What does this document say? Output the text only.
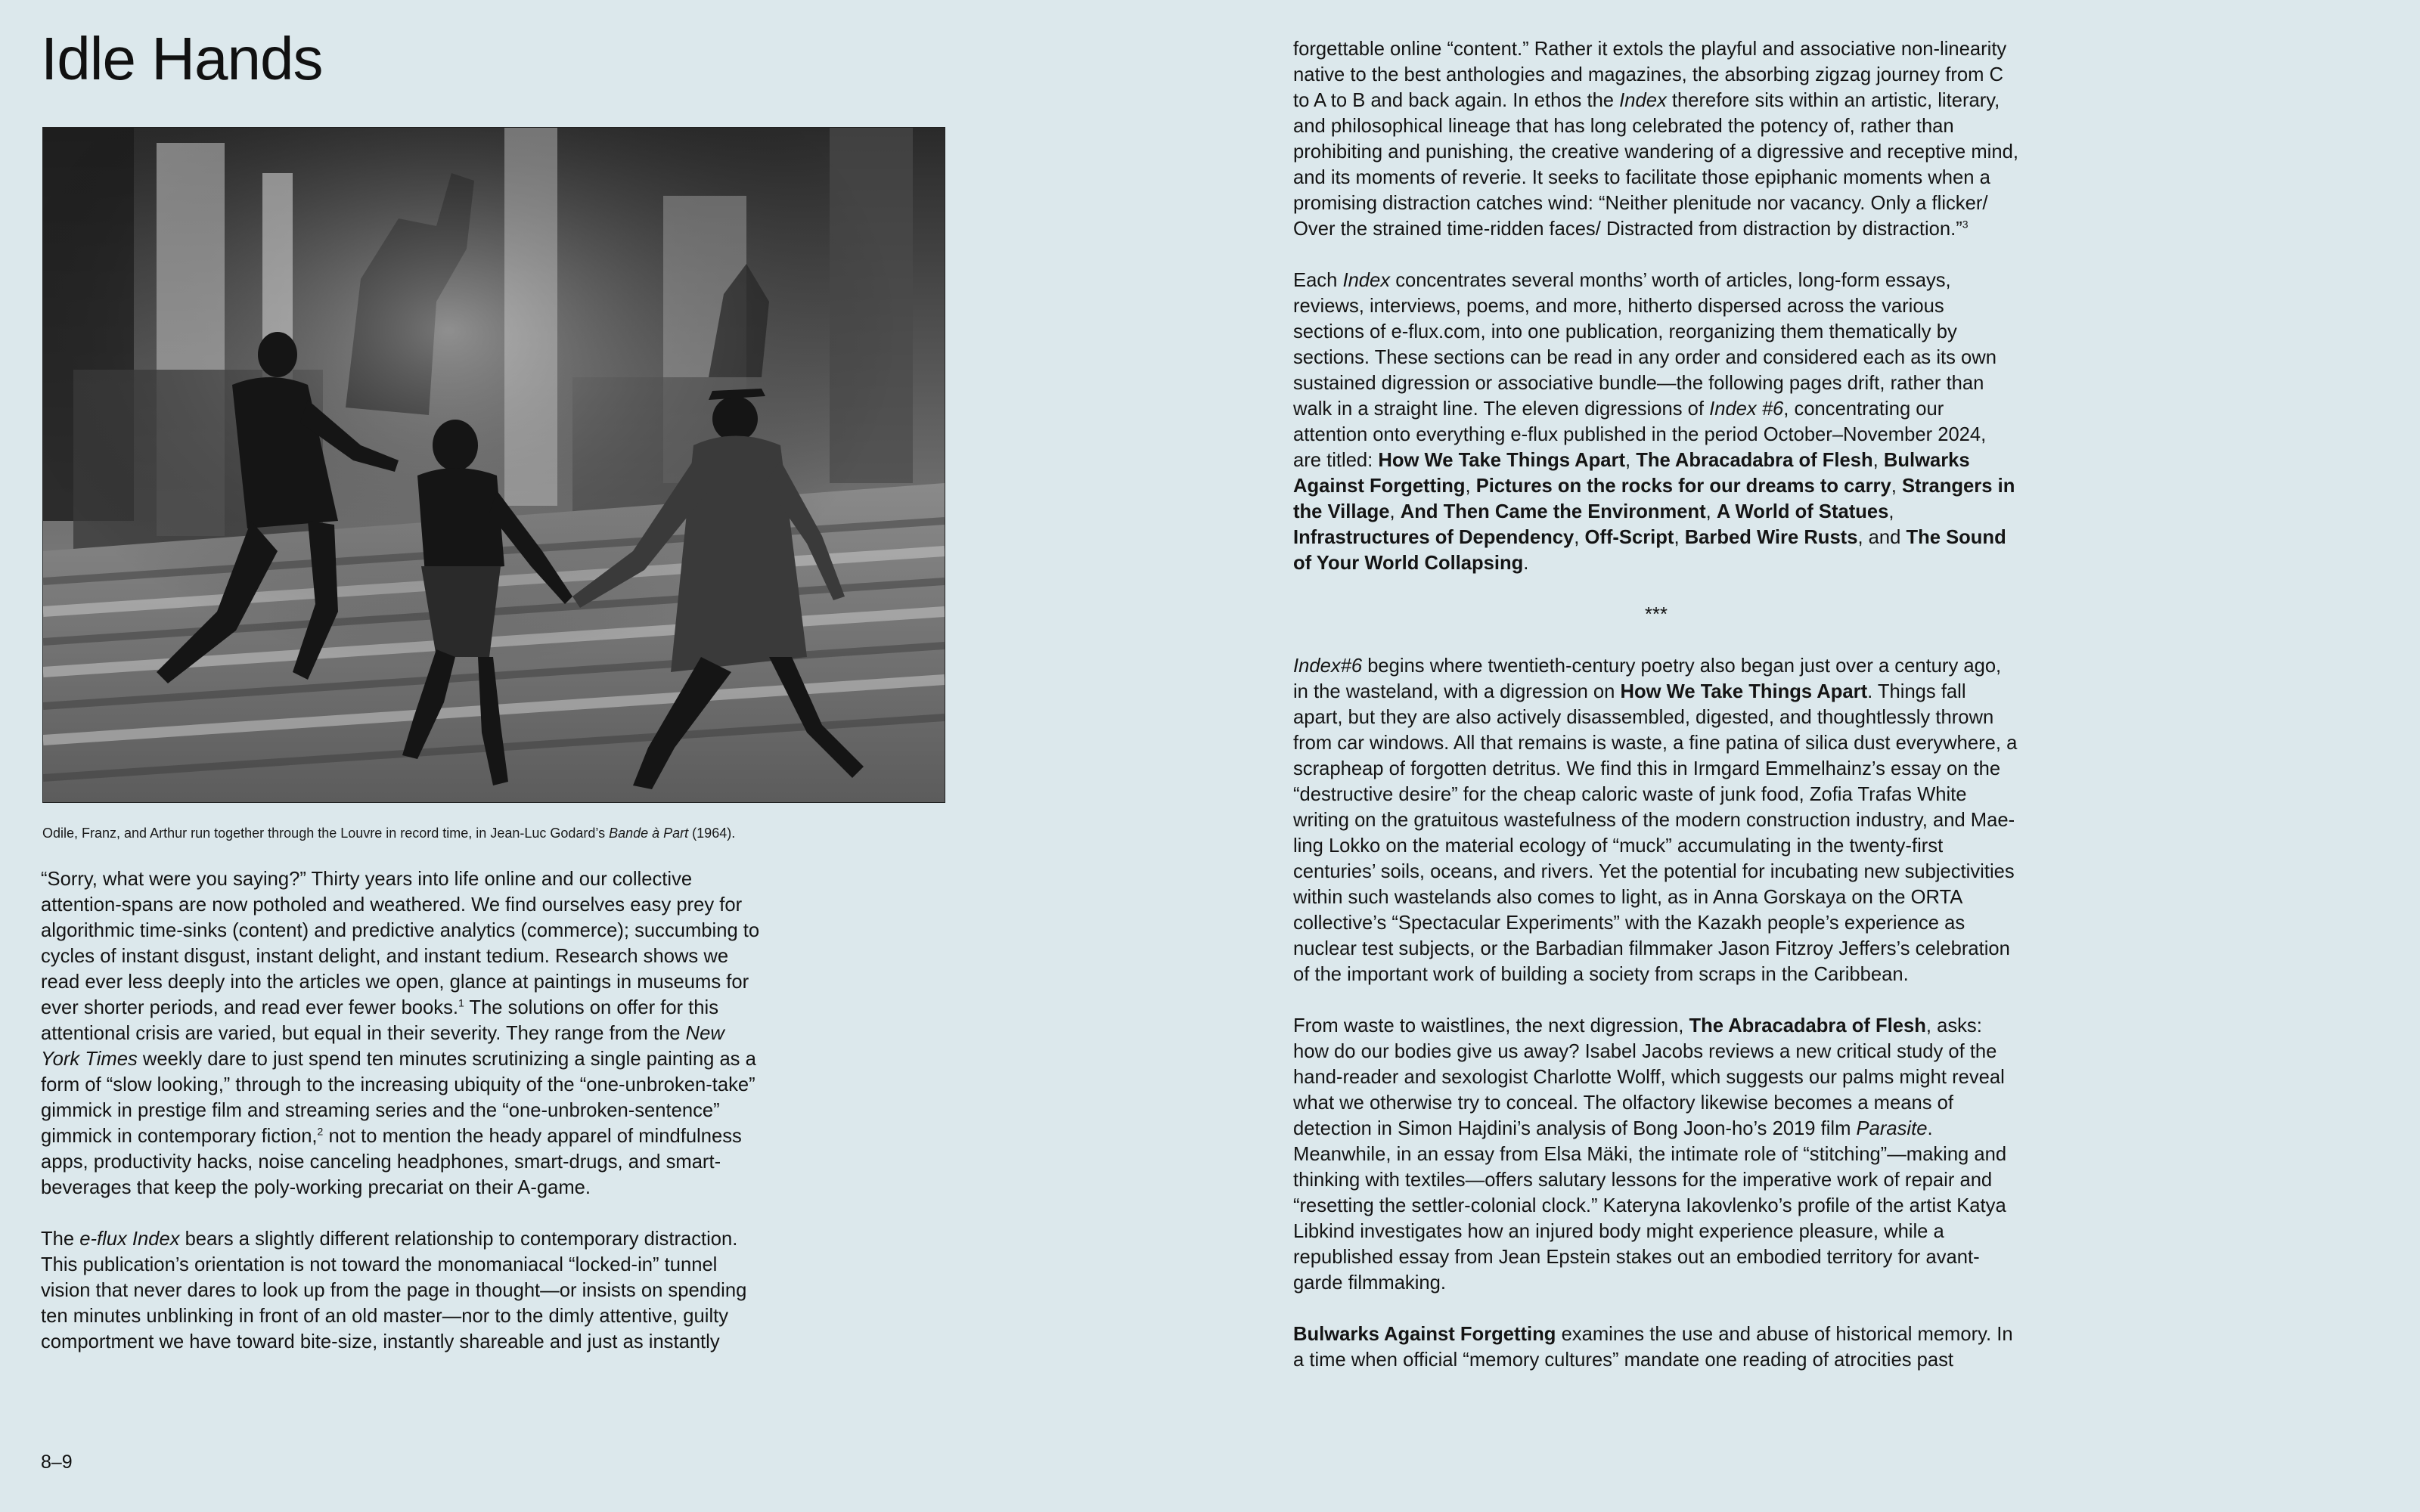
Idle Hands
Odile, Franz, and Arthur run together through the Louvre in record time, in Jean-Luc Godard’s Bande à Part (1964).

“Sorry, what were you saying?” Thirty years into life online and our collective attention-spans are now potholed and weathered. We find ourselves easy prey for algorithmic time-sinks (content) and predictive analytics (commerce); succumbing to cycles of instant disgust, instant delight, and instant tedium. Research shows we read ever less deeply into the articles we open, glance at paintings in museums for ever shorter periods, and read ever fewer books.$^1$ The solutions on offer for this attentional crisis are varied, but equal in their severity. They range from the New York Times weekly dare to just spend ten minutes scrutinizing a single painting as a form of “slow looking,” through to the increasing ubiquity of the “one-unbroken-take” gimmick in prestige film and streaming series and the “one-unbroken-sentence” gimmick in contemporary fiction,$^2$ not to mention the heady apparel of mindfulness apps, productivity hacks, noise canceling headphones, smart-drugs, and smart-beverages that keep the poly-working precariat on their A-game.

The e-flux Index bears a slightly different relationship to contemporary distraction. This publication’s orientation is not toward the monomaniacal “locked-in” tunnel vision that never dares to look up from the page in thought—or insists on spending ten minutes unblinking in front of an old master—nor to the dimly attentive, guilty comportment we have toward bite-size, instantly shareable and just as instantly

forgettable online “content.” Rather it extols the playful and associative non-linearity native to the best anthologies and magazines, the absorbing zigzag journey from C to A to B and back again. In ethos the Index therefore sits within an artistic, literary, and philosophical lineage that has long celebrated the potency of, rather than prohibiting and punishing, the creative wandering of a digressive and receptive mind, and its moments of reverie. It seeks to facilitate those epiphanic moments when a promising distraction catches wind: “Neither plenitude nor vacancy. Only a flicker/ Over the strained time-ridden faces/ Distracted from distraction by distraction.”$^3$

Each Index concentrates several months’ worth of articles, long-form essays, reviews, interviews, poems, and more, hitherto dispersed across the various sections of e-flux.com, into one publication, reorganizing them thematically by sections. These sections can be read in any order and considered each as its own sustained digression or associative bundle—the following pages drift, rather than walk in a straight line. The eleven digressions of Index #6, concentrating our attention onto everything e-flux published in the period October–November 2024, are titled: How We Take Things Apart, The Abracadabra of Flesh, Bulwarks Against Forgetting, Pictures on the rocks for our dreams to carry, Strangers in the Village, And Then Came the Environment, A World of Statues, Infrastructures of Dependency, Off-Script, Barbed Wire Rusts, and The Sound of Your World Collapsing.

***

Index#6 begins where twentieth-century poetry also began just over a century ago, in the wasteland, with a digression on How We Take Things Apart. Things fall apart, but they are also actively disassembled, digested, and thoughtlessly thrown from car windows. All that remains is waste, a fine patina of silica dust everywhere, a scrapheap of forgotten detritus. We find this in Irmgard Emmelhainz’s essay on the “destructive desire” for the cheap caloric waste of junk food, Zofia Trafas White writing on the gratuitous wastefulness of the modern construction industry, and Mae-ling Lokko on the material ecology of “muck” accumulating in the twenty-first centuries’ soils, oceans, and rivers. Yet the potential for incubating new subjectivities within such wastelands also comes to light, as in Anna Gorskaya on the ORTA collective’s “Spectacular Experiments” with the Kazakh people’s experience as nuclear test subjects, or the Barbadian filmmaker Jason Fitzroy Jeffers’s celebration of the important work of building a society from scraps in the Caribbean.

From waste to waistlines, the next digression, The Abracadabra of Flesh, asks: how do our bodies give us away? Isabel Jacobs reviews a new critical study of the hand-reader and sexologist Charlotte Wolff, which suggests our palms might reveal what we otherwise try to conceal. The olfactory likewise becomes a means of detection in Simon Hajdini’s analysis of Bong Joon-ho’s 2019 film Parasite. Meanwhile, in an essay from Elsa Mäki, the intimate role of “stitching”—making and thinking with textiles—offers salutary lessons for the imperative work of repair and “resetting the settler-colonial clock.” Kateryna Iakovlenko’s profile of the artist Katya Libkind investigates how an injured body might experience pleasure, while a republished essay from Jean Epstein stakes out an embodied territory for avant-garde filmmaking.

Bulwarks Against Forgetting examines the use and abuse of historical memory. In a time when official “memory cultures” mandate one reading of atrocities past

8–9
